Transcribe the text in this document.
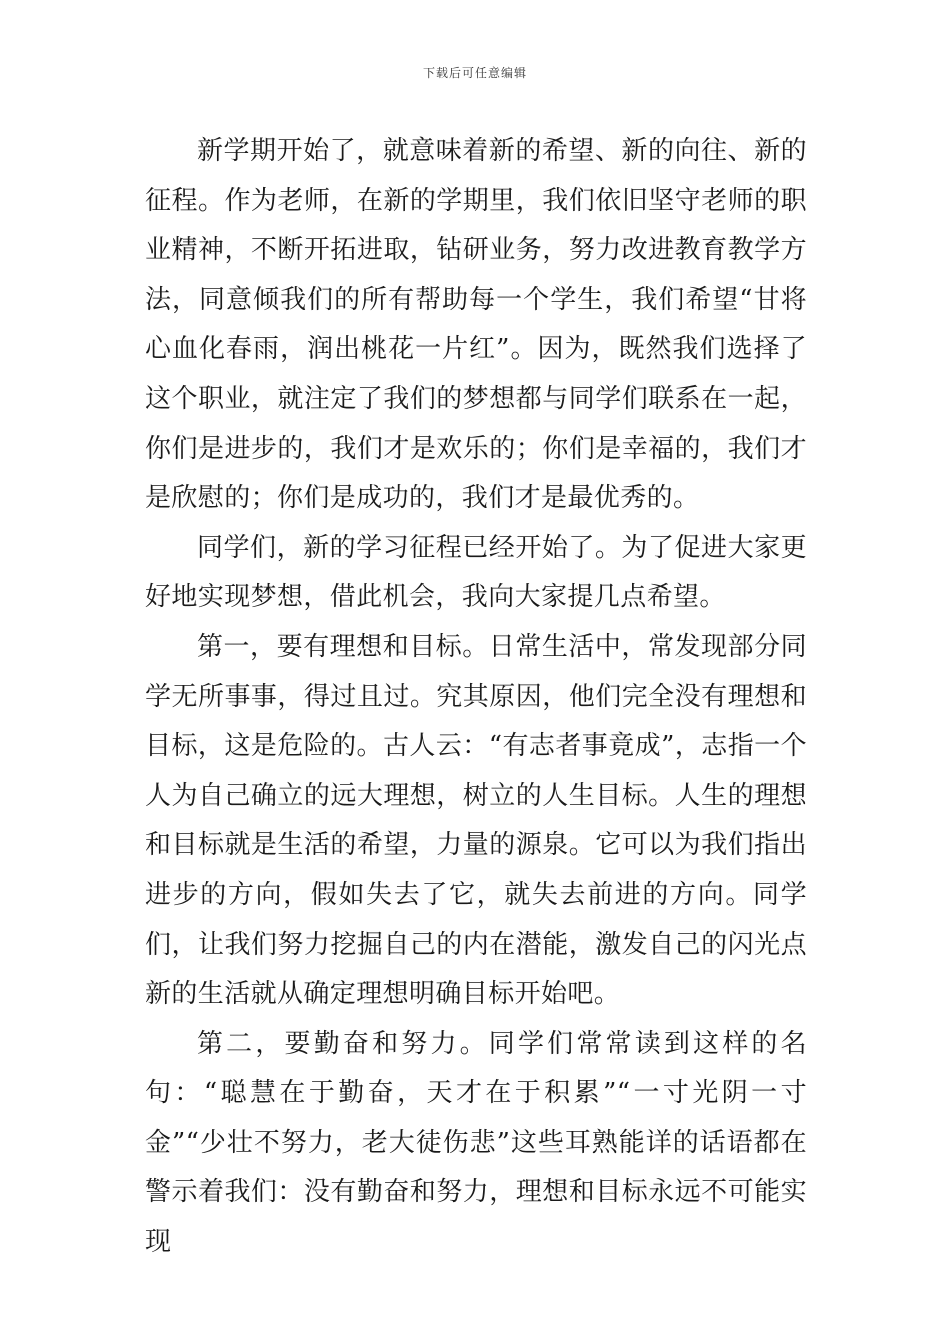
下载后可任意编辑

新学期开始了，就意味着新的希望、新的向往、新的征程。作为老师，在新的学期里，我们依旧坚守老师的职业精神，不断开拓进取，钻研业务，努力改进教育教学方法，同意倾我们的所有帮助每一个学生，我们希望“甘将心血化春雨，润出桃花一片红”。因为，既然我们选择了这个职业，就注定了我们的梦想都与同学们联系在一起，你们是进步的，我们才是欢乐的；你们是幸福的，我们才是欣慰的；你们是成功的，我们才是最优秀的。

同学们，新的学习征程已经开始了。为了促进大家更好地实现梦想，借此机会，我向大家提几点希望。

第一，要有理想和目标。日常生活中，常发现部分同学无所事事，得过且过。究其原因，他们完全没有理想和目标，这是危险的。古人云：“有志者事竟成”，志指一个人为自己确立的远大理想，树立的人生目标。人生的理想和目标就是生活的希望，力量的源泉。它可以为我们指出进步的方向，假如失去了它，就失去前进的方向。同学们，让我们努力挖掘自己的内在潜能，激发自己的闪光点新的生活就从确定理想明确目标开始吧。

第二，要勤奋和努力。同学们常常读到这样的名句：“聪慧在于勤奋，天才在于积累”“一寸光阴一寸金”“少壮不努力，老大徒伤悲”这些耳熟能详的话语都在警示着我们：没有勤奋和努力，理想和目标永远不可能实现
